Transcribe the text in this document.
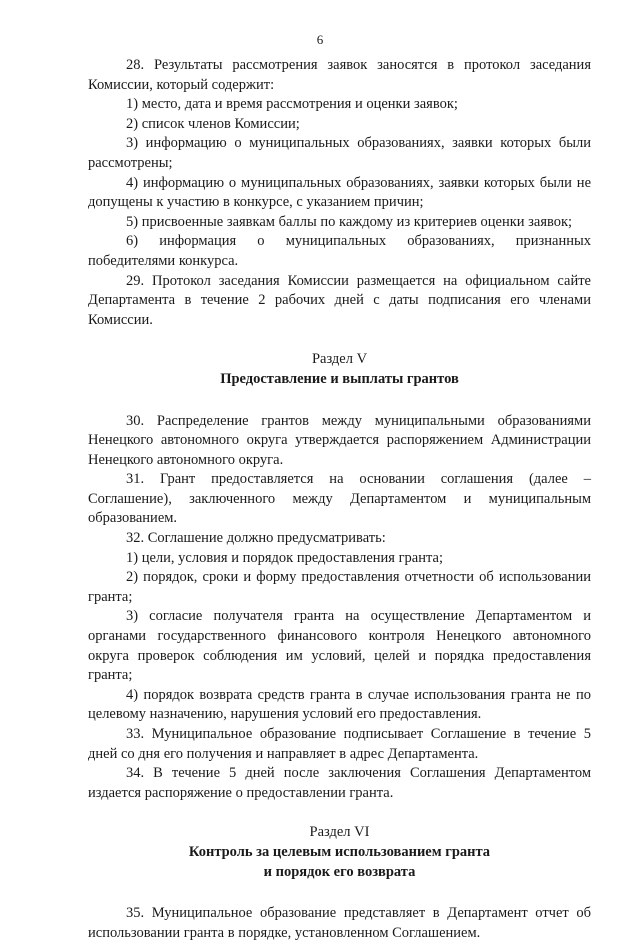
6

28. Результаты рассмотрения заявок заносятся в протокол заседания Комиссии, который содержит:

1) место, дата и время рассмотрения и оценки заявок;

2) список членов Комиссии;

3) информацию о муниципальных образованиях, заявки которых были рассмотрены;

4) информацию о муниципальных образованиях, заявки которых были не допущены к участию в конкурсе, с указанием причин;

5) присвоенные заявкам баллы по каждому из критериев оценки заявок;

6) информация о муниципальных образованиях, признанных победителями конкурса.

29. Протокол заседания Комиссии размещается на официальном сайте Департамента в течение 2 рабочих дней с даты подписания его членами Комиссии.

Раздел V

Предоставление и выплаты грантов

30. Распределение грантов между муниципальными образованиями Ненецкого автономного округа утверждается распоряжением Администрации Ненецкого автономного округа.

31. Грант предоставляется на основании соглашения (далее – Соглашение), заключенного между Департаментом и муниципальным образованием.

32. Соглашение должно предусматривать:

1) цели, условия и порядок предоставления гранта;

2) порядок, сроки и форму предоставления отчетности об использовании гранта;

3) согласие получателя гранта на осуществление Департаментом и органами государственного финансового контроля Ненецкого автономного округа проверок соблюдения им условий, целей и порядка предоставления гранта;

4) порядок возврата средств гранта в случае использования гранта не по целевому назначению, нарушения условий его предоставления.

33. Муниципальное образование подписывает Соглашение в течение 5 дней со дня его получения и направляет в адрес Департамента.

34. В течение 5 дней после заключения Соглашения Департаментом издается распоряжение о предоставлении гранта.

Раздел VI

Контроль за целевым использованием гранта

и порядок его возврата

35. Муниципальное образование представляет в Департамент отчет об использовании гранта в порядке, установленном Соглашением.
